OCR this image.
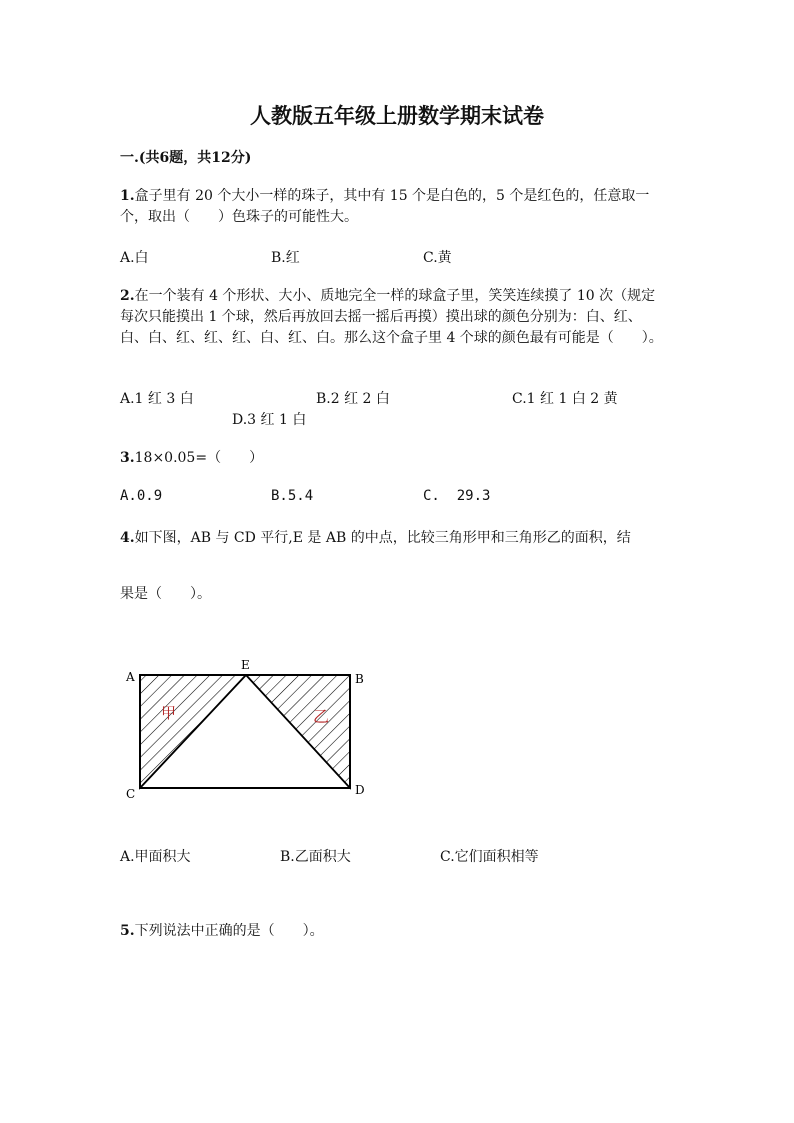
人教版五年级上册数学期末试卷
一.(共6题，共12分)
1.盒子里有 20 个大小一样的珠子，其中有 15 个是白色的，5 个是红色的，任意取一个，取出（　　）色珠子的可能性大。
A.白	B.红	C.黄
2.在一个装有 4 个形状、大小、质地完全一样的球盒子里，笑笑连续摸了 10 次（规定每次只能摸出 1 个球，然后再放回去摇一摇后再摸）摸出球的颜色分别为：白、红、白、白、红、红、红、白、红、白。那么这个盒子里 4 个球的颜色最有可能是（　　）。
A.1 红 3 白	B.2 红 2 白	C.1 红 1 白 2 黄
D.3 红 1 白
3.18×0.05=（　　）
A.0.9	B.5.4	C.  29.3
4.如下图，AB 与 CD 平行,E 是 AB 的中点，比较三角形甲和三角形乙的面积，结
果是（　　）。
A
E
B
C	D
甲	乙
A.甲面积大	B.乙面积大	C.它们面积相等
5.下列说法中正确的是（　　）。
